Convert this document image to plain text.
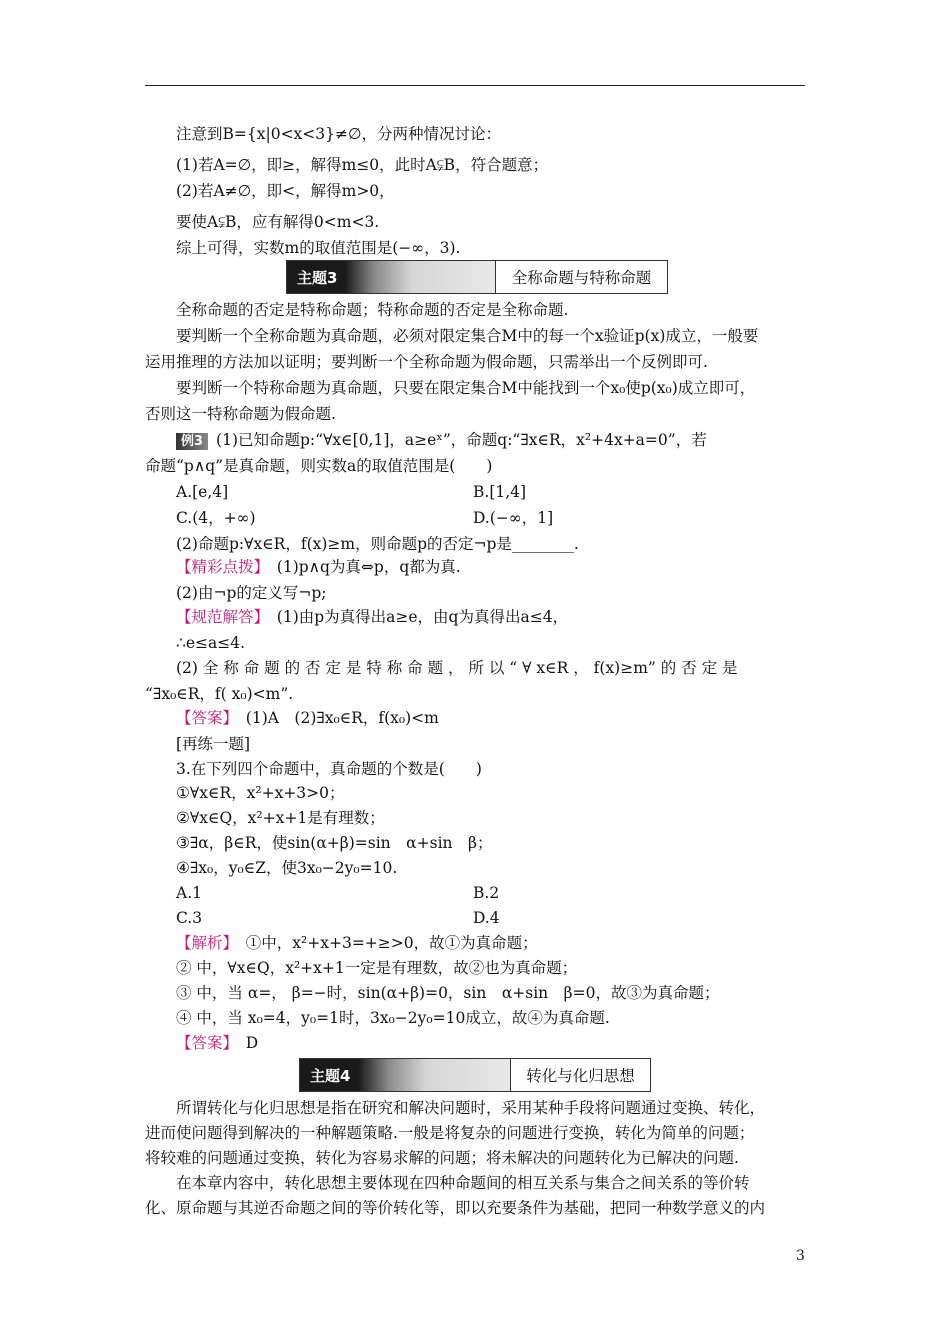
注意到B={x|0<x<3}≠∅，分两种情况讨论：
(1)若A=∅，即≥，解得m≤0，此时A⫋B，符合题意；
(2)若A≠∅，即<，解得m>0，
要使A⫋B，应有解得0<m<3.
综上可得，实数m的取值范围是(−∞，3).
主题3	全称命题与特称命题
全称命题的否定是特称命题；特称命题的否定是全称命题.
要判断一个全称命题为真命题，必须对限定集合M中的每一个x验证p(x)成立，一般要
运用推理的方法加以证明；要判断一个全称命题为假命题，只需举出一个反例即可.
要判断一个特称命题为真命题，只要在限定集合M中能找到一个x₀使p(x₀)成立即可，
否则这一特称命题为假命题.
例3 (1)已知命题p:“∀x∈[0,1]，a≥eˣ”，命题q:“∃x∈R，x²+4x+a=0”，若
命题“p∧q”是真命题，则实数a的取值范围是(　　)
A.[e,4]	B.[1,4]
C.(4，+∞)	D.(−∞，1]
(2)命题p:∀x∈R，f(x)≥m，则命题p的否定¬p是________.
【精彩点拨】　 (1)p∧q为真⇔p，q都为真.
(2)由¬p的定义写¬p;
【规范解答】　 (1)由p为真得出a≥e，由q为真得出a≤4，
∴e≤a≤4.
(2) 全 称 命 题 的 否 定 是 特 称 命 题 ， 所 以 “ ∀ x∈R ， f(x)≥m” 的 否 定 是
“∃x₀∈R，f( x₀)<m”.
【答案】　 (1)A　(2)∃x₀∈R，f(x₀)<m
[再练一题]
3.在下列四个命题中，真命题的个数是(　　)
①∀x∈R，x²+x+3>0；
②∀x∈Q，x²+x+1是有理数；
③∃α，β∈R，使sin(α+β)=sin　α+sin　β；
④∃x₀，y₀∈Z，使3x₀−2y₀=10.
A.1	B.2
C.3	D.4
【解析】　 ①中，x²+x+3=+≥>0，故①为真命题；
② 中，∀x∈Q，x²+x+1一定是有理数，故②也为真命题；
③ 中，当 α=， β=−时，sin(α+β)=0，sin　α+sin　β=0，故③为真命题；
④ 中，当 x₀=4，y₀=1时，3x₀−2y₀=10成立，故④为真命题.
【答案】　 D
主题4	转化与化归思想
所谓转化与化归思想是指在研究和解决问题时，采用某种手段将问题通过变换、转化，
进而使问题得到解决的一种解题策略.一般是将复杂的问题进行变换，转化为简单的问题；
将较难的问题通过变换，转化为容易求解的问题；将未解决的问题转化为已解决的问题.
在本章内容中，转化思想主要体现在四种命题间的相互关系与集合之间关系的等价转
化、原命题与其逆否命题之间的等价转化等，即以充要条件为基础，把同一种数学意义的内
3
